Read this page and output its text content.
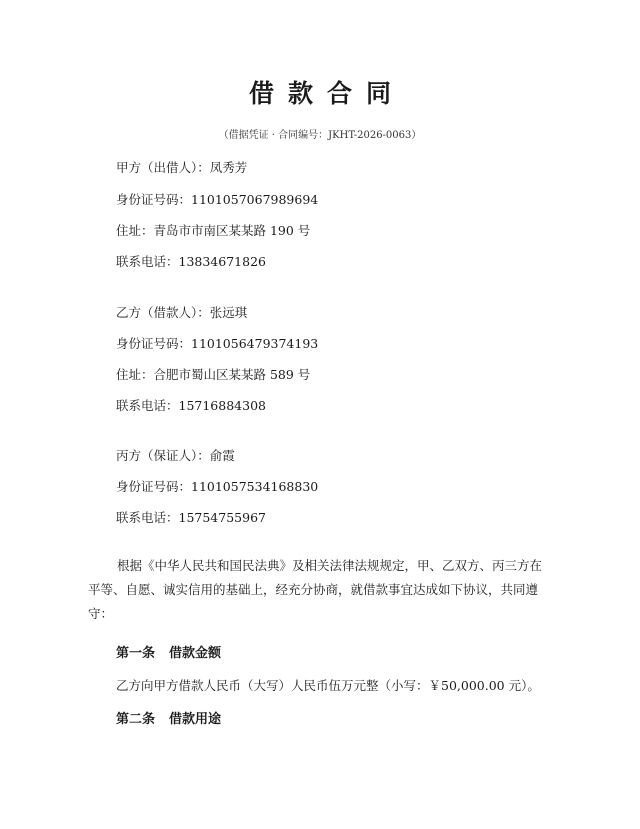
借款合同
（借据凭证 · 合同编号：JKHT-2026-0063）
甲方（出借人）：凤秀芳
身份证号码：1101057067989694
住址：青岛市市南区某某路 190 号
联系电话：13834671826
乙方（借款人）：张远琪
身份证号码：1101056479374193
住址：合肥市蜀山区某某路 589 号
联系电话：15716884308
丙方（保证人）：俞霞
身份证号码：1101057534168830
联系电话：15754755967
根据《中华人民共和国民法典》及相关法律法规规定，甲、乙双方、丙三方在平等、自愿、诚实信用的基础上，经充分协商，就借款事宜达成如下协议，共同遵守：
第一条 借款金额
乙方向甲方借款人民币（大写）人民币伍万元整（小写：￥50,000.00 元）。
第二条 借款用途
